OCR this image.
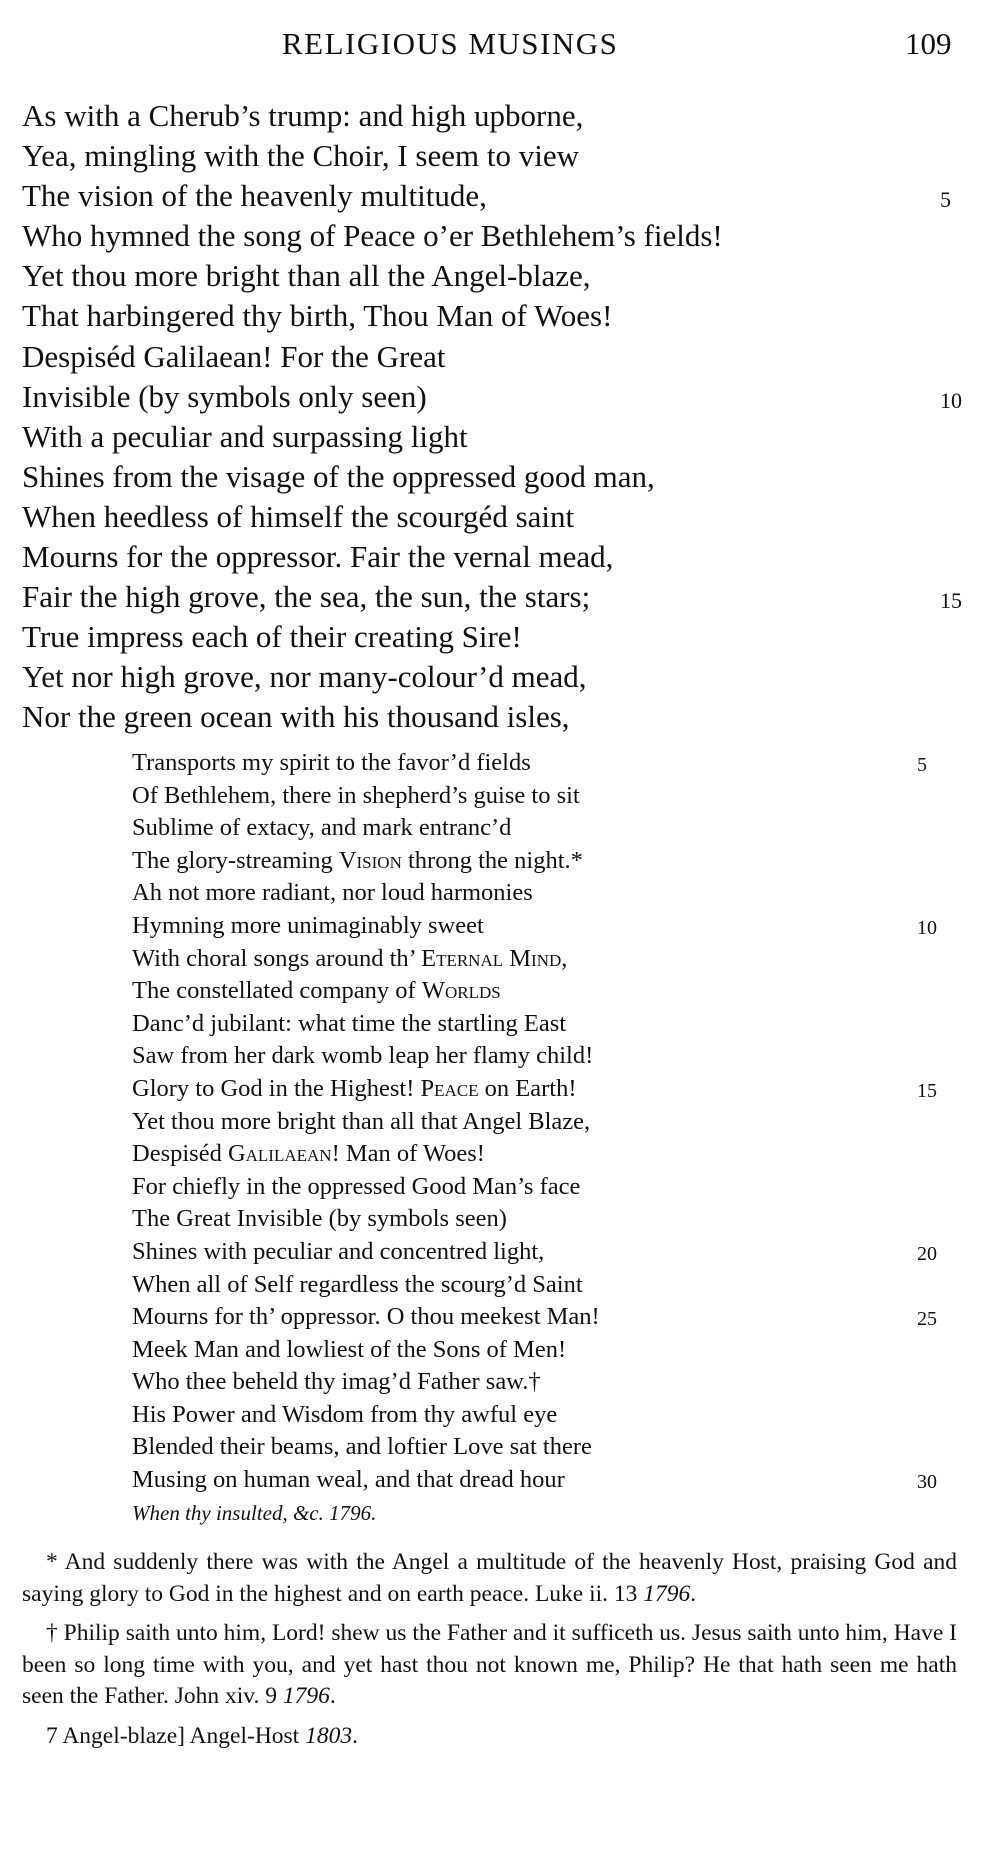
RELIGIOUS MUSINGS	109
As with a Cherub’s trump: and high upborne,
Yea, mingling with the Choir, I seem to view
The vision of the heavenly multitude,	5
Who hymned the song of Peace o’er Bethlehem’s fields!
Yet thou more bright than all the Angel-blaze,
That harbingered thy birth, Thou Man of Woes!
Despiséd Galilaean! For the Great
Invisible (by symbols only seen)	10
With a peculiar and surpassing light
Shines from the visage of the oppressed good man,
When heedless of himself the scourgéd saint
Mourns for the oppressor. Fair the vernal mead,
Fair the high grove, the sea, the sun, the stars;	15
True impress each of their creating Sire!
Yet nor high grove, nor many-colour’d mead,
Nor the green ocean with his thousand isles,
Transports my spirit to the favor’d fields	5
Of Bethlehem, there in shepherd’s guise to sit
Sublime of extacy, and mark entranc’d
The glory-streaming Vision throng the night.*
Ah not more radiant, nor loud harmonies
Hymning more unimaginably sweet	10
With choral songs around th’ Eternal Mind,
The constellated company of Worlds
Danc’d jubilant: what time the startling East
Saw from her dark womb leap her flamy child!
Glory to God in the Highest! Peace on Earth!	15
Yet thou more bright than all that Angel Blaze,
Despiséd Galilaean! Man of Woes!
For chiefly in the oppressed Good Man’s face
The Great Invisible (by symbols seen)
Shines with peculiar and concentred light,	20
When all of Self regardless the scourg’d Saint
Mourns for th’ oppressor. O thou meekest Man!	25
Meek Man and lowliest of the Sons of Men!
Who thee beheld thy imag’d Father saw.†
His Power and Wisdom from thy awful eye
Blended their beams, and loftier Love sat there
Musing on human weal, and that dread hour	30
When thy insulted, &c. 1796.

* And suddenly there was with the Angel a multitude of the heavenly Host, praising God and saying glory to God in the highest and on earth peace. Luke ii. 13 1796.

† Philip saith unto him, Lord! shew us the Father and it sufficeth us. Jesus saith unto him, Have I been so long time with you, and yet hast thou not known me, Philip? He that hath seen me hath seen the Father. John xiv. 9 1796.

7 Angel-blaze] Angel-Host 1803.
